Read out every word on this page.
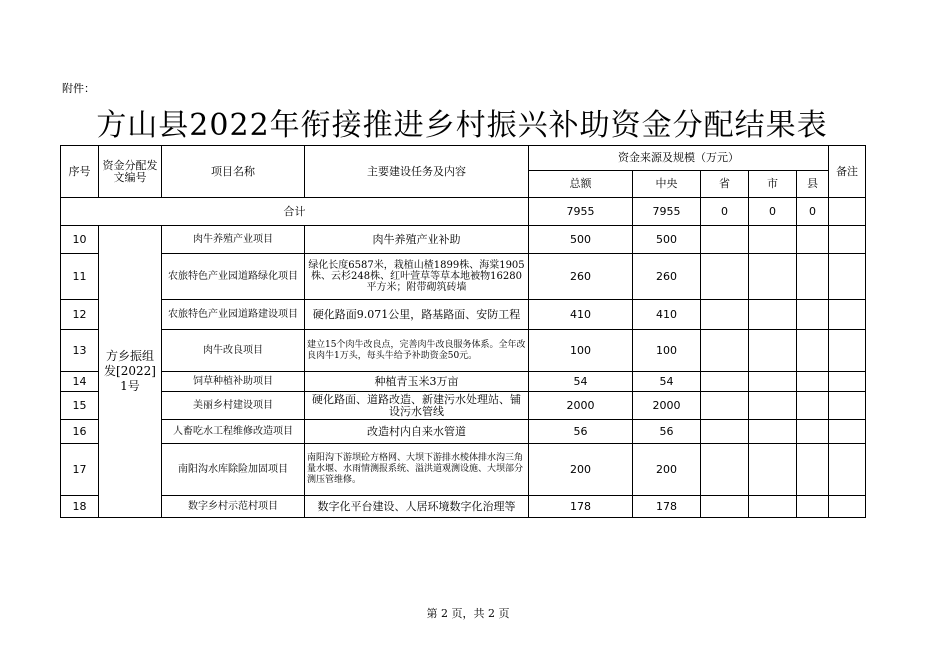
附件：
方山县2022年衔接推进乡村振兴补助资金分配结果表
序号	资金分配发文编号	项目名称	主要建设任务及内容	资金来源及规模（万元）					备注
				总额	中央	省	市	县	
合计				7955	7955	0	0	0	
10	方乡振组发[2022]1号	肉牛养殖产业项目	肉牛养殖产业补助	500	500				
11		农旅特色产业园道路绿化项目	绿化长度6587米，栽植山楂1899株、海棠1905株、云杉248株、红叶萱草等草本地被物16280平方米；附带砌筑砖墙	260	260				
12		农旅特色产业园道路建设项目	硬化路面9.071公里，路基路面、安防工程	410	410				
13		肉牛改良项目	建立15个肉牛改良点，完善肉牛改良服务体系。全年改良肉牛1万头，每头牛给予补助资金50元。	100	100				
14		饲草种植补助项目	种植青玉米3万亩	54	54				
15		美丽乡村建设项目	硬化路面、道路改造、新建污水处理站、铺设污水管线	2000	2000				
16		人畜吃水工程维修改造项目	改造村内自来水管道	56	56				
17		南阳沟水库除险加固项目	南阳沟下游坝砼方格网、大坝下游排水棱体排水沟三角量水堰、水雨情测报系统、溢洪道观测设施、大坝部分测压管维修。	200	200				
18		数字乡村示范村项目	数字化平台建设、人居环境数字化治理等	178	178				
第 2 页，共 2 页
